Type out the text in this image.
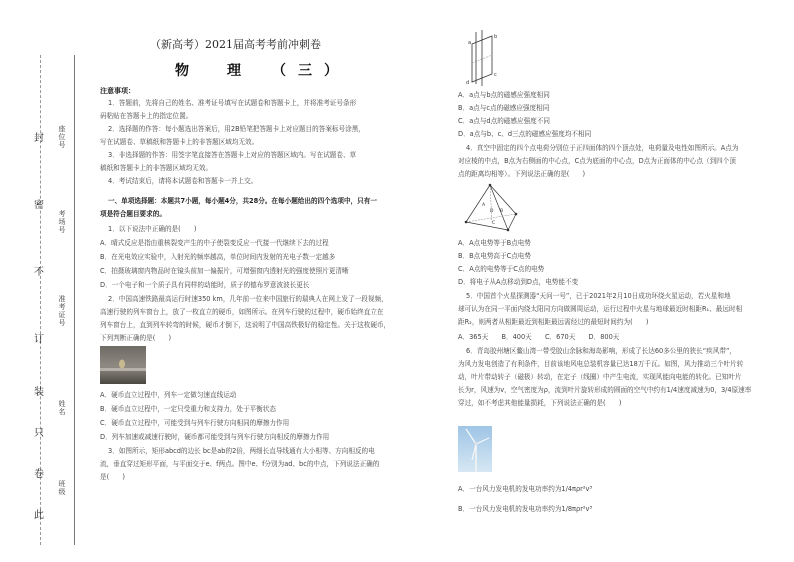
封
密
不
订
装
只
卷
此
座位号
考场号
准考证号
姓名
班级
（新高考）2021届高考考前冲刺卷
物　理　（三）
注意事项：
1．答题前，先将自己的姓名、准考证号填写在试题卷和答题卡上，并将准考证号条形
码粘贴在答题卡上的指定位置。
2．选择题的作答：每小题选出答案后，用2B铅笔把答题卡上对应题目的答案标号涂黑，
写在试题卷、草稿纸和答题卡上的非答题区域均无效。
3．非选择题的作答：用签字笔直接答在答题卡上对应的答题区域内。写在试题卷、草
稿纸和答题卡上的非答题区域均无效。
4．考试结束后，请将本试题卷和答题卡一并上交。
一、单项选择题：本题共7小题，每小题4分，共28分。在每小题给出的四个选项中，只有一
项是符合题目要求的。
1．以下说法中正确的是(　　)
A．晴式反应是指由重核裂变产生的中子使裂变反应一代接一代继续下去的过程
B．在光电效应实验中，入射光的频率越高，单位时间内发射的光电子数一定越多
C．拍摄玻璃窗内物品时在镜头前加一偏振片，可增强窗内透射光的强度使照片更清晰
D．一个电子和一个质子具有同样的动能时，质子的德布罗意波波长更长
2．中国高速铁路最高运行时速350 km，几年前一位来中国旅行的瑞典人在网上发了一段视频，
高速行驶的列车窗台上，放了一枚直立的硬币，如图所示。在列车行驶的过程中，硬币始终直立在
列车窗台上，直到列车转弯的时候，硬币才倒下，这说明了中国高铁极好的稳定性。关于这枚硬币，
下列判断正确的是(　　)
A．硬币直立过程中，列车一定做匀速直线运动
B．硬币直立过程中，一定只受重力和支持力，处于平衡状态
C．硬币直立过程中，可能受到与列车行驶方向相同的摩擦力作用
D．列车加速或减速行驶时，硬币都可能受到与列车行驶方向相反的摩擦力作用
3．如图所示，矩形abcd的边长 bc是ab的2倍，两细长直导线通有大小相等、方向相反的电
流，垂直穿过矩形平面，与平面交于e、f两点。图中e、f分别为ad、bc的中点，下列说法正确的
是(　　)
a
b
c
d
A．a点与b点的磁感应强度相同
B．a点与c点的磁感应强度相同
C．a点与d点的磁感应强度不同
D．a点与b、c、d三点的磁感应强度均不相同
4．真空中固定的四个点电荷分别位于正四面体的四个顶点处，电荷量及电性如图所示。A点为
对应棱的中点，B点为右侧面的中心点，C点为底面的中心点，D点为正面体的中心点（到四个顶
点的距离均相等）。下列说法正确的是(　　)
A
B
C
D
A．A点电势等于B点电势
B．B点电势高于C点电势
C．A点的电势等于C点的电势
D．将电子从A点移动到D点，电势能不变
5．中国首个火星探测器“天问一号”，已于2021年2月10日成功环绕火星运动，若火星和地
球可认为在同一平面内绕太阳同方向做圆周运动，运行过程中火星与地球最近时相距R₁、最远时相
距R₂，则两者从相距最近到相距最远需经过的最短时间约为(　　)
A．365天　　B．400天　　C．670天　　D．800天
6．青岛胶州塘区鳌山湾一带受胶山余脉和海岛影响，形成了长达60多公里的狭长“疾风带”，
为风力发电创造了有利条件，目前该地风电总装机容量已达18万千瓦。如图，风力推动三个叶片转
动，叶片带动转子（磁极）转动，在定子（线圈）中产生电流，实现风能向电能的转化。已知叶片
长为r，风速为v，空气密度为ρ，流到叶片旋转形成的圆面的空气中约有1/4速度减速为0，3/4原速率
穿过，如不考虑其他能量损耗，下列说法正确的是(　　)
A．一台风力发电机的发电功率约为1/4πρr²v³
B．一台风力发电机的发电功率约为1/8πρr²v³
